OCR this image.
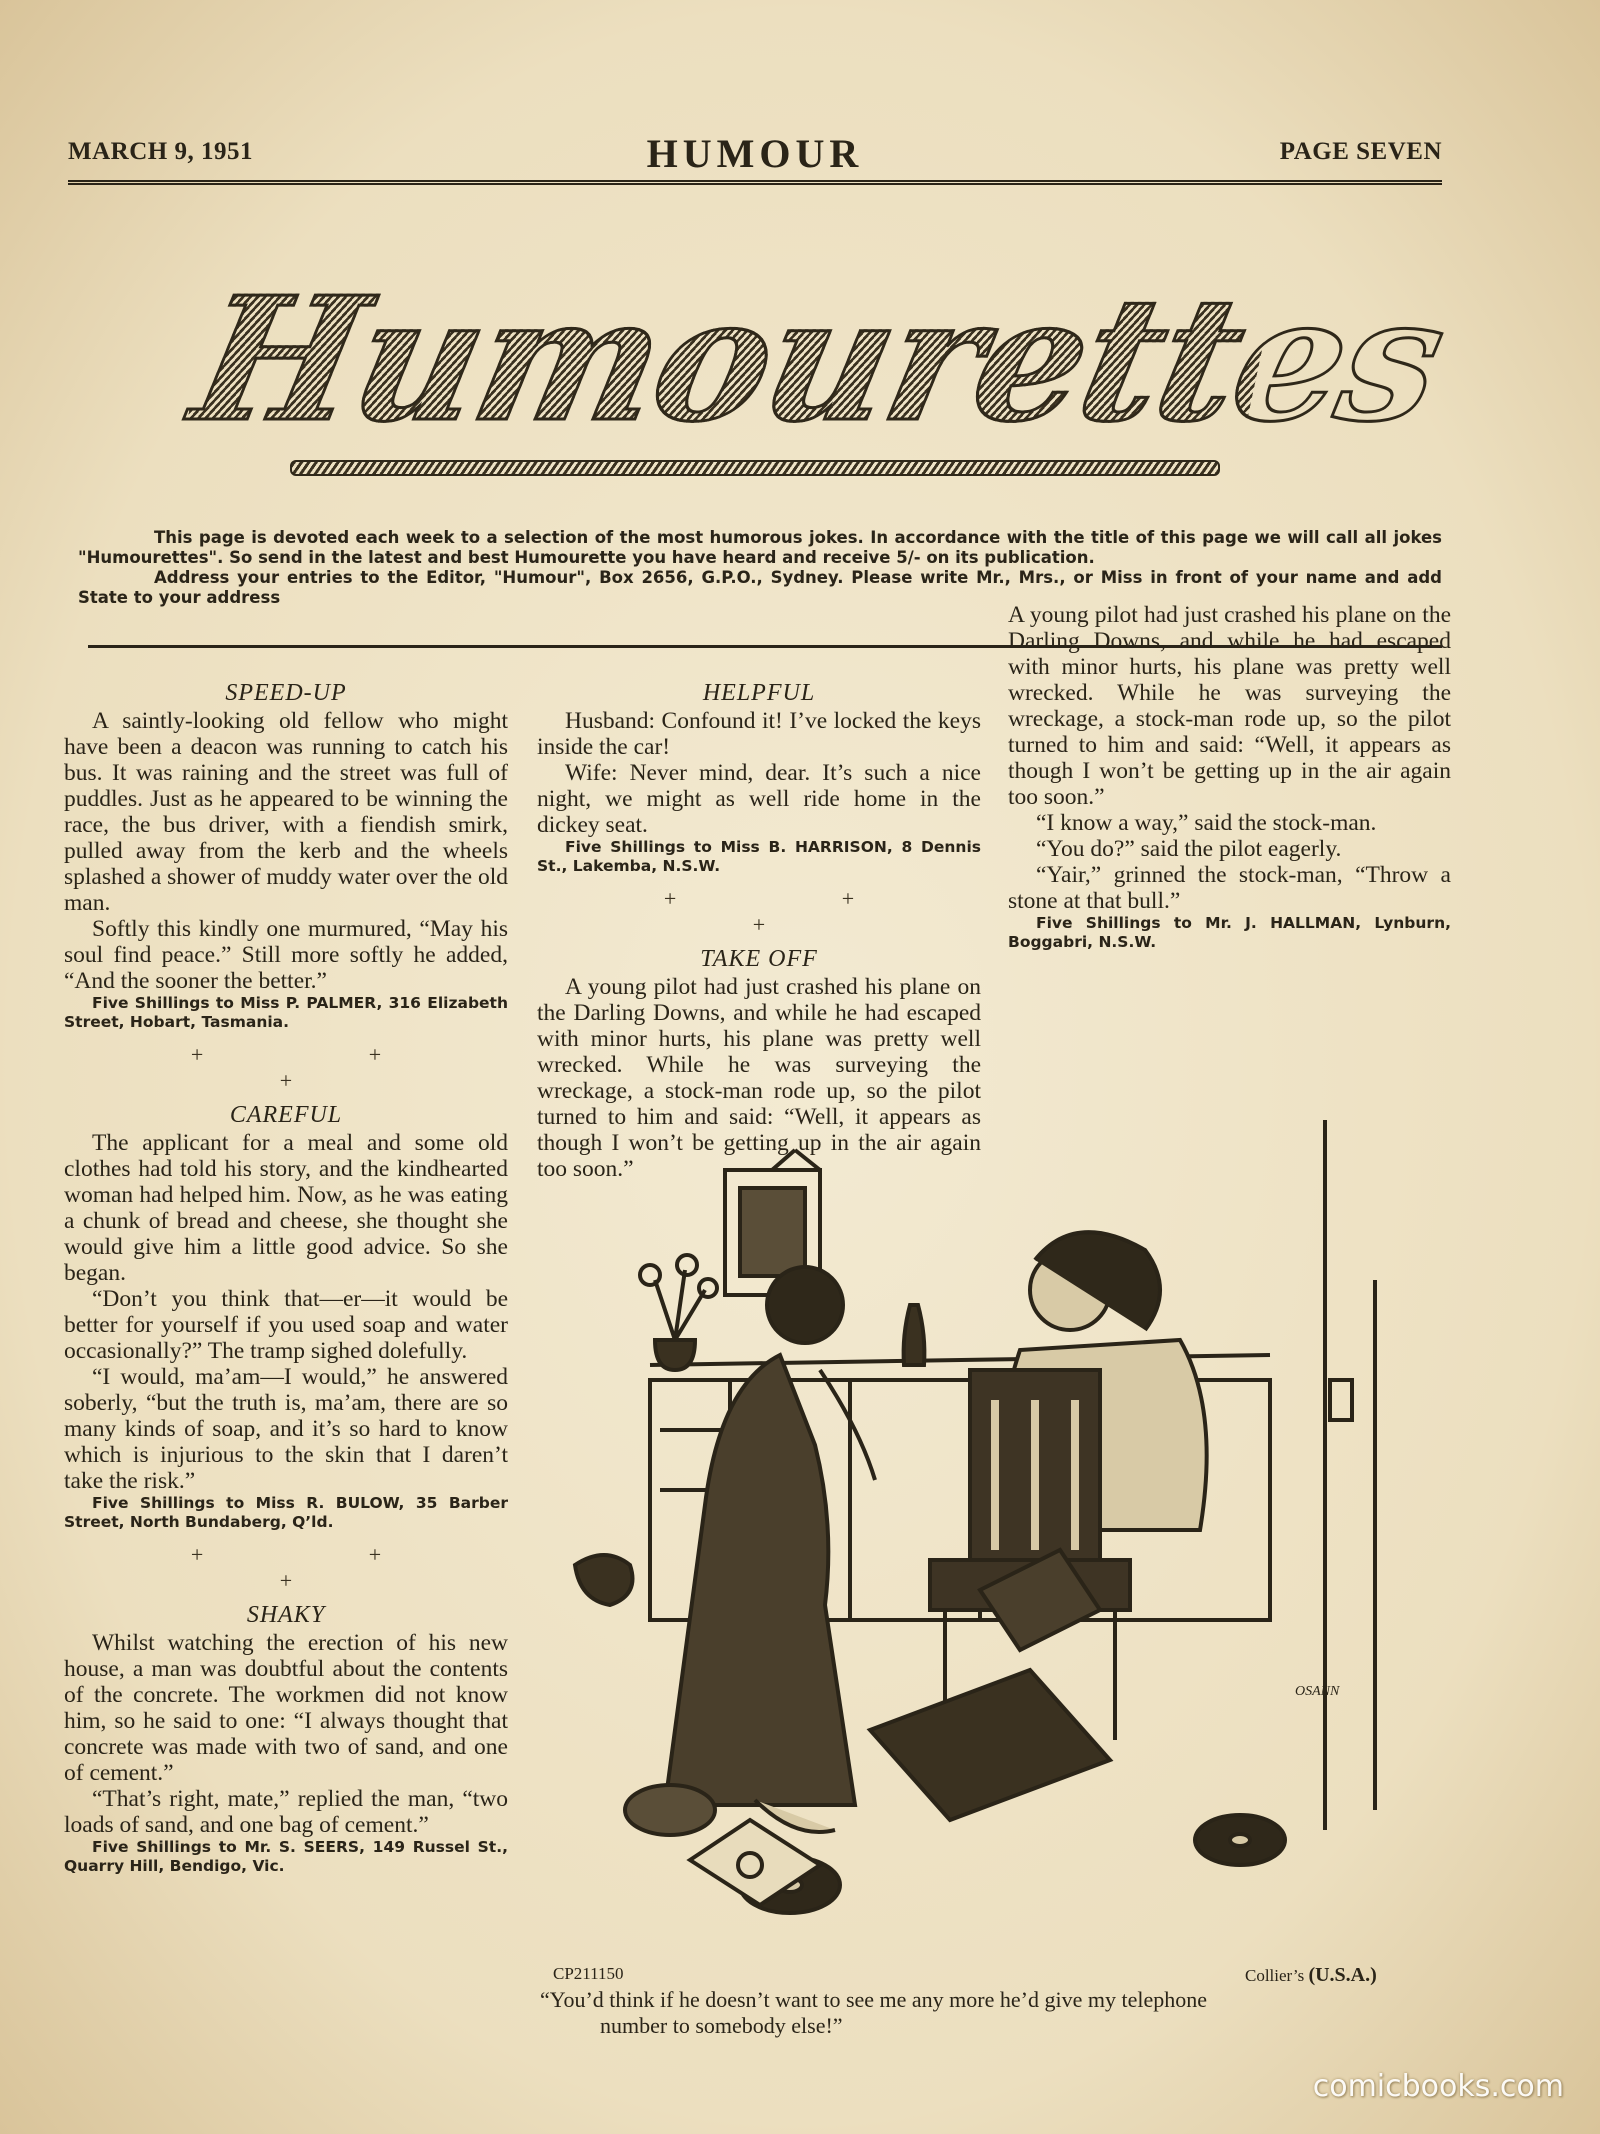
MARCH 9, 1951	HUMOUR	PAGE SEVEN
Humourettes

This page is devoted each week to a selection of the most humorous jokes. In accordance with the title of this page we will call all jokes "Humourettes". So send in the latest and best Humourette you have heard and receive 5/- on its publication.

Address your entries to the Editor, "Humour", Box 2656, G.P.O., Sydney. Please write Mr., Mrs., or Miss in front of your name and add State to your address

SPEED-UP

A saintly-looking old fellow who might have been a deacon was running to catch his bus. It was raining and the street was full of puddles. Just as he appeared to be winning the race, the bus driver, with a fiendish smirk, pulled away from the kerb and the wheels splashed a shower of muddy water over the old man.

Softly this kindly one murmured, “May his soul find peace.” Still more softly he added, “And the sooner the better.”

Five Shillings to Miss P. PALMER, 316 Elizabeth Street, Hobart, Tasmania.

+ + +
CAREFUL

The applicant for a meal and some old clothes had told his story, and the kindhearted woman had helped him. Now, as he was eating a chunk of bread and cheese, she thought she would give him a little good advice. So she began.

“Don’t you think that—er—it would be better for yourself if you used soap and water occasionally?” The tramp sighed dolefully.

“I would, ma’am—I would,” he answered soberly, “but the truth is, ma’am, there are so many kinds of soap, and it’s so hard to know which is injurious to the skin that I daren’t take the risk.”

Five Shillings to Miss R. BULOW, 35 Barber Street, North Bundaberg, Q’ld.

+ + +
SHAKY

Whilst watching the erection of his new house, a man was doubtful about the contents of the concrete. The workmen did not know him, so he said to one: “I always thought that concrete was made with two of sand, and one of cement.”

“That’s right, mate,” replied the man, “two loads of sand, and one bag of cement.”

Five Shillings to Mr. S. SEERS, 149 Russel St., Quarry Hill, Bendigo, Vic.

HELPFUL

Husband: Confound it! I’ve locked the keys inside the car!

Wife: Never mind, dear. It’s such a nice night, we might as well ride home in the dickey seat.

Five Shillings to Miss B. HARRISON, 8 Dennis St., Lakemba, N.S.W.

+ + +
TAKE OFF

A young pilot had just crashed his plane on the Darling Downs, and while he had escaped with minor hurts, his plane was pretty well wrecked. While he was surveying the wreckage, a stock-man rode up, so the pilot turned to him and said: “Well, it appears as though I won’t be getting up in the air again too soon.”

A young pilot had just crashed his plane on the Darling Downs, and while he had escaped with minor hurts, his plane was pretty well wrecked. While he was surveying the wreckage, a stock-man rode up, so the pilot turned to him and said: “Well, it appears as though I won’t be getting up in the air again too soon.”

“I know a way,” said the stock-man.

“You do?” said the pilot eagerly.

“Yair,” grinned the stock-man, “Throw a stone at that bull.”

Five Shillings to Mr. J. HALLMAN, Lynburn, Boggabri, N.S.W.

OSANN
CP211150	Collier’s (U.S.A.)
“You’d think if he doesn’t want to see me any more he’d give my telephone
number to somebody else!”
comicbooks.com
